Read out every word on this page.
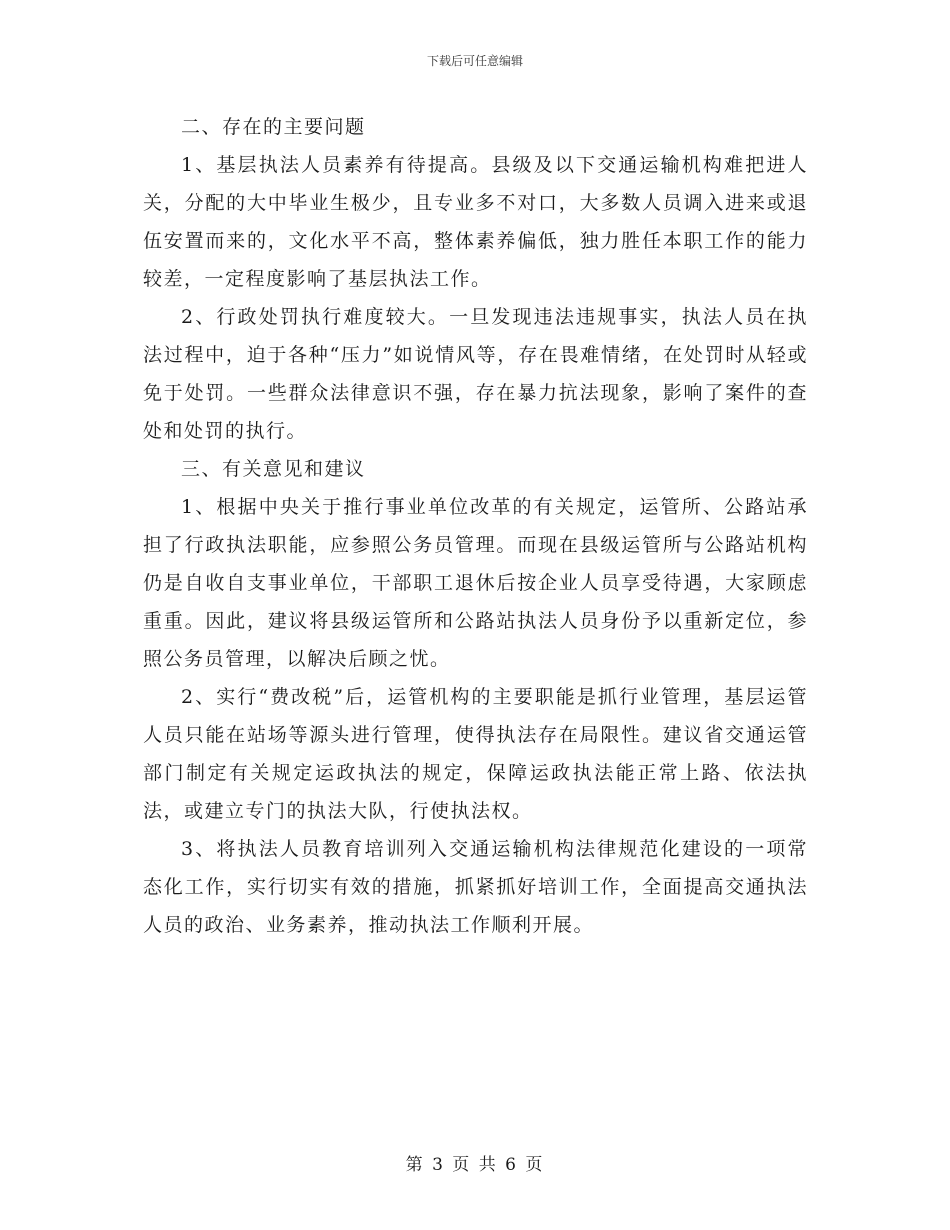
下载后可任意编辑

二、存在的主要问题

1、基层执法人员素养有待提高。县级及以下交通运输机构难把进人关，分配的大中毕业生极少，且专业多不对口，大多数人员调入进来或退伍安置而来的，文化水平不高，整体素养偏低，独力胜任本职工作的能力较差，一定程度影响了基层执法工作。

2、行政处罚执行难度较大。一旦发现违法违规事实，执法人员在执法过程中，迫于各种“压力”如说情风等，存在畏难情绪，在处罚时从轻或免于处罚。一些群众法律意识不强，存在暴力抗法现象，影响了案件的查处和处罚的执行。

三、有关意见和建议

1、根据中央关于推行事业单位改革的有关规定，运管所、公路站承担了行政执法职能，应参照公务员管理。而现在县级运管所与公路站机构仍是自收自支事业单位，干部职工退休后按企业人员享受待遇，大家顾虑重重。因此，建议将县级运管所和公路站执法人员身份予以重新定位，参照公务员管理，以解决后顾之忧。

2、实行“费改税”后，运管机构的主要职能是抓行业管理，基层运管人员只能在站场等源头进行管理，使得执法存在局限性。建议省交通运管部门制定有关规定运政执法的规定，保障运政执法能正常上路、依法执法，或建立专门的执法大队，行使执法权。

3、将执法人员教育培训列入交通运输机构法律规范化建设的一项常态化工作，实行切实有效的措施，抓紧抓好培训工作，全面提高交通执法人员的政治、业务素养，推动执法工作顺利开展。

第 3 页 共 6 页
